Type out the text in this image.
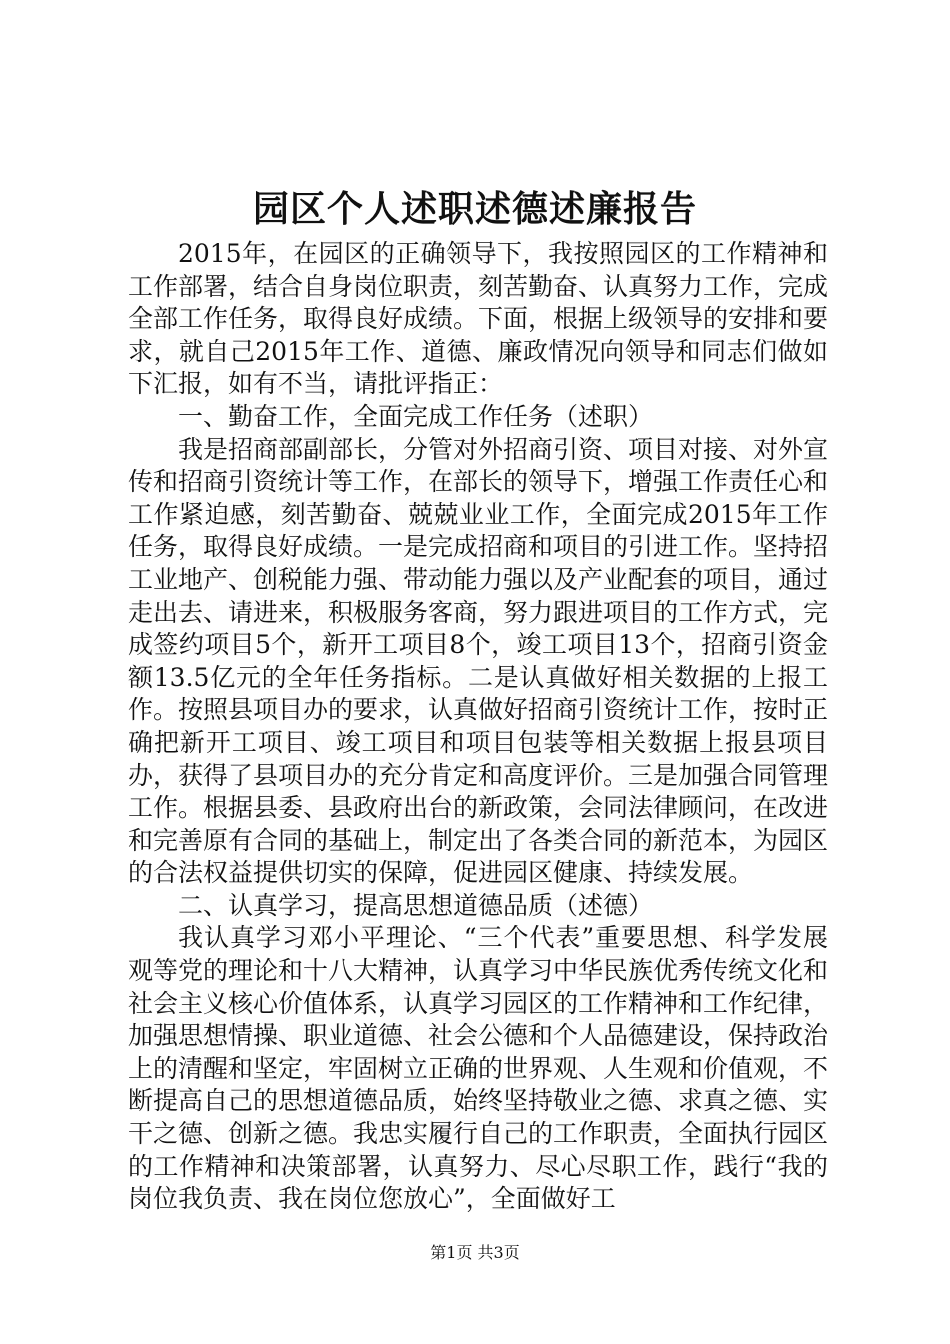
园区个人述职述德述廉报告

2015年，在园区的正确领导下，我按照园区的工作精神和工作部署，结合自身岗位职责，刻苦勤奋、认真努力工作，完成全部工作任务，取得良好成绩。下面，根据上级领导的安排和要求，就自己2015年工作、道德、廉政情况向领导和同志们做如下汇报，如有不当，请批评指正：

一、勤奋工作，全面完成工作任务（述职）

我是招商部副部长，分管对外招商引资、项目对接、对外宣传和招商引资统计等工作，在部长的领导下，增强工作责任心和工作紧迫感，刻苦勤奋、兢兢业业工作，全面完成2015年工作任务，取得良好成绩。一是完成招商和项目的引进工作。坚持招工业地产、创税能力强、带动能力强以及产业配套的项目，通过走出去、请进来，积极服务客商，努力跟进项目的工作方式，完成签约项目5个，新开工项目8个，竣工项目13个，招商引资金额13.5亿元的全年任务指标。二是认真做好相关数据的上报工作。按照县项目办的要求，认真做好招商引资统计工作，按时正确把新开工项目、竣工项目和项目包装等相关数据上报县项目办，获得了县项目办的充分肯定和高度评价。三是加强合同管理工作。根据县委、县政府出台的新政策，会同法律顾问，在改进和完善原有合同的基础上，制定出了各类合同的新范本，为园区的合法权益提供切实的保障，促进园区健康、持续发展。

二、认真学习，提高思想道德品质（述德）

我认真学习邓小平理论、“三个代表”重要思想、科学发展观等党的理论和十八大精神，认真学习中华民族优秀传统文化和社会主义核心价值体系，认真学习园区的工作精神和工作纪律，加强思想情操、职业道德、社会公德和个人品德建设，保持政治上的清醒和坚定，牢固树立正确的世界观、人生观和价值观，不断提高自己的思想道德品质，始终坚持敬业之德、求真之德、实干之德、创新之德。我忠实履行自己的工作职责，全面执行园区的工作精神和决策部署，认真努力、尽心尽职工作，践行“我的岗位我负责、我在岗位您放心”，全面做好工

第1页 共3页
